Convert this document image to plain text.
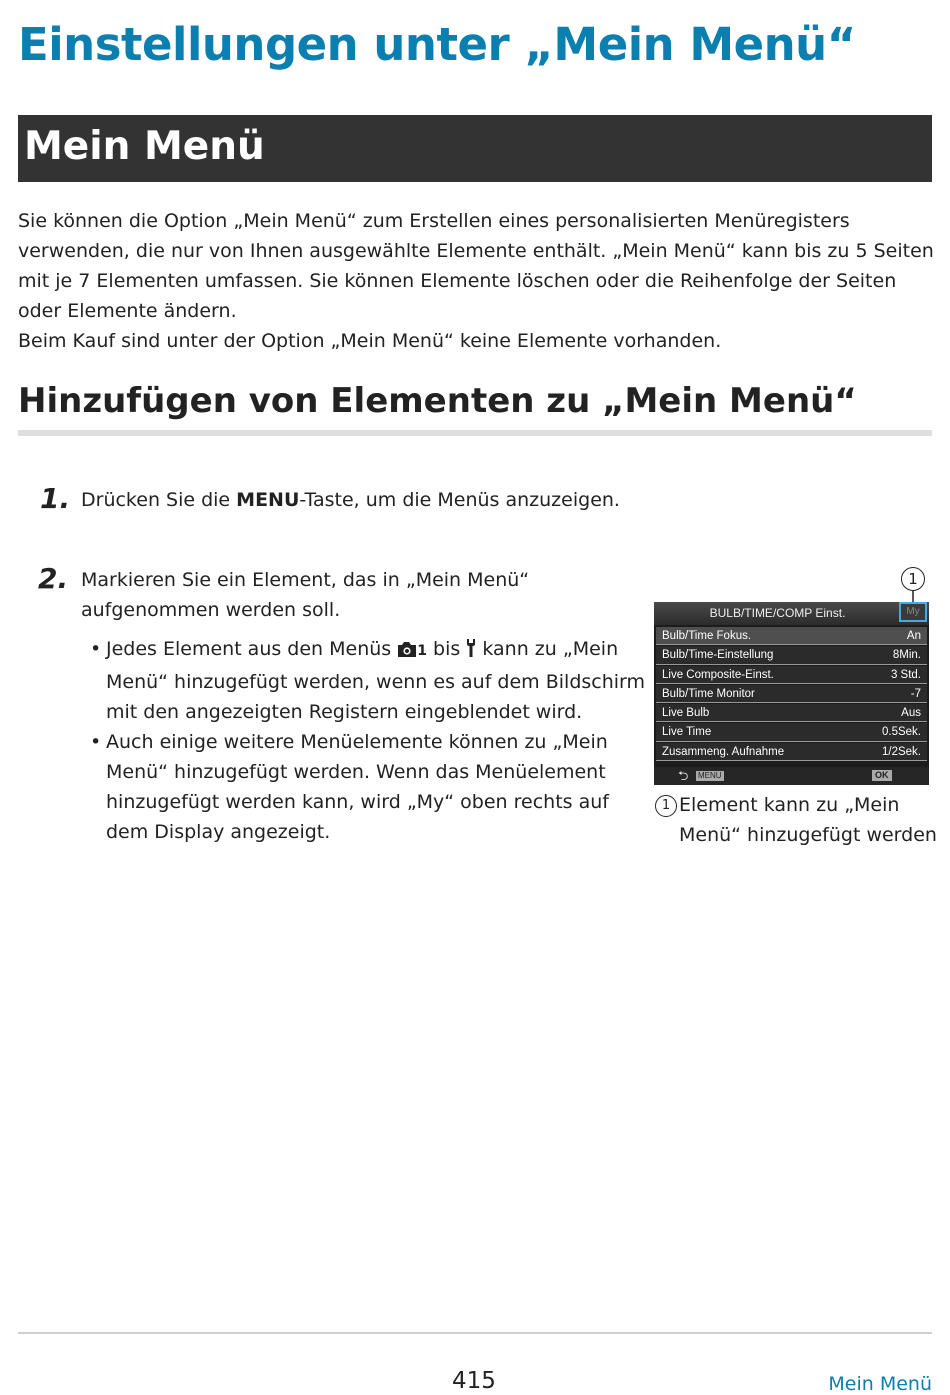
Einstellungen unter „Mein Menü“
Mein Menü

Sie können die Option „Mein Menü“ zum Erstellen eines personalisierten Menüregisters verwenden, die nur von Ihnen ausgewählte Elemente enthält. „Mein Menü“ kann bis zu 5 Seiten mit je 7 Elementen umfassen. Sie können Elemente löschen oder die Reihenfolge der Seiten oder Elemente ändern.

Beim Kauf sind unter der Option „Mein Menü“ keine Elemente vorhanden.

Hinzufügen von Elementen zu „Mein Menü“
1. Drücken Sie die MENU-Taste, um die Menüs anzuzeigen.
2. Markieren Sie ein Element, das in „Mein Menü“ aufgenommen werden soll.
• Jedes Element aus den Menüs 1 bis  kann zu „Mein Menü“ hinzugefügt werden, wenn es auf dem Bildschirm mit den angezeigten Registern eingeblendet wird.
• Auch einige weitere Menüelemente können zu „Mein Menü“ hinzugefügt werden. Wenn das Menüelement hinzugefügt werden kann, wird „My“ oben rechts auf dem Display angezeigt.
1
BULB/TIME/COMP Einst.	My
Bulb/Time Fokus.	An
Bulb/Time-Einstellung	8Min.
Live Composite-Einst.	3 Std.
Bulb/Time Monitor	-7
Live Bulb	Aus
Live Time	0.5Sek.
Zusammeng. Aufnahme	1/2Sek.
⮌ MENU	OK
1 Element kann zu „Mein Menü“ hinzugefügt werden
415	Mein Menü
